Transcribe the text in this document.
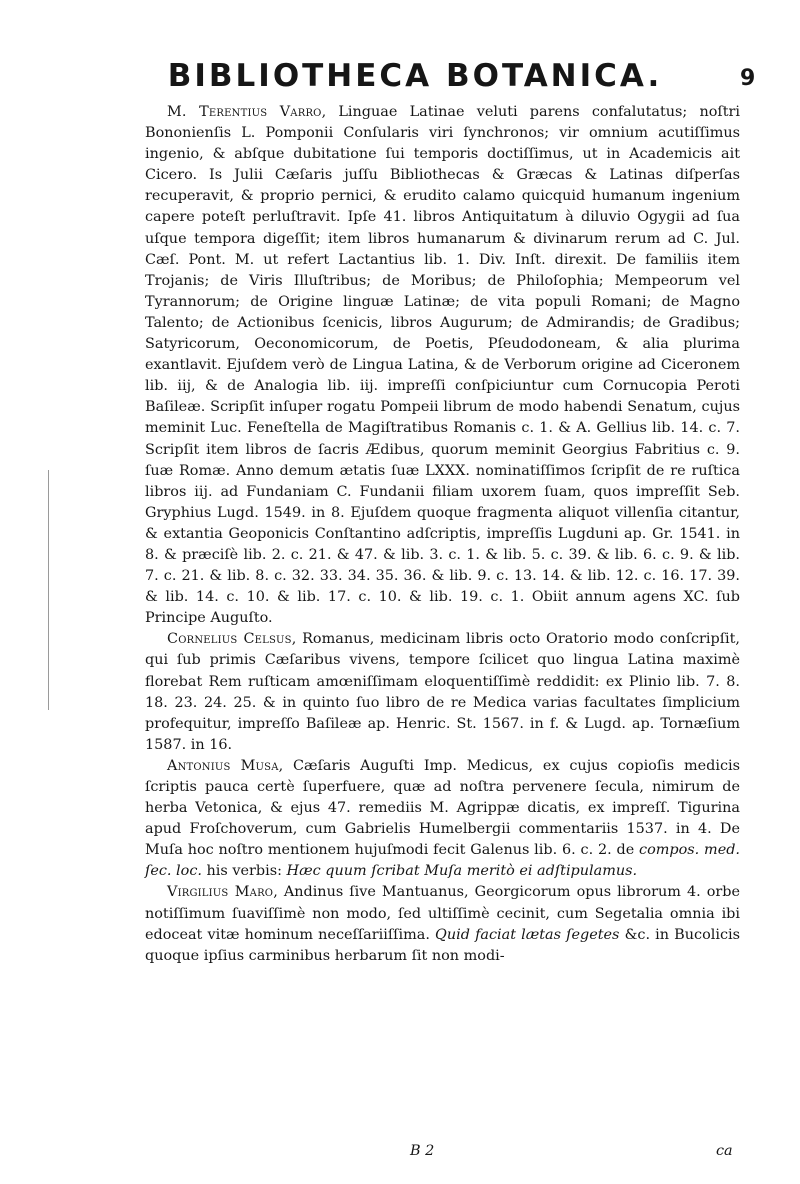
BIBLIOTHECA BOTANICA.	9

M. Terentius Varro, Linguae Latinae veluti parens confalutatus; noſtri Bononienſis L. Pomponii Conſularis viri ſynchronos; vir omnium acutiſſimus ingenio, & abſque dubitatione ſui temporis doctiſſimus, ut in Academicis ait Cicero. Is Julii Cæſaris juſſu Bibliothecas & Græcas & Latinas diſperſas recuperavit, & proprio pernici, & erudito calamo quicquid humanum ingenium capere poteſt perluſtravit. Ipſe 41. libros Antiquitatum à diluvio Ogygii ad ſua uſque tempora digeſſit; item libros humanarum & divinarum rerum ad C. Jul. Cæſ. Pont. M. ut refert Lactantius lib. 1. Div. Inſt. direxit. De familiis item Trojanis; de Viris Illuſtribus; de Moribus; de Philoſophia; Mempeorum vel Tyrannorum; de Origine linguæ Latinæ; de vita populi Romani; de Magno Talento; de Actionibus ſcenicis, libros Augurum; de Admirandis; de Gradibus; Satyricorum, Oeconomicorum, de Poetis, Pſeudodoneam, & alia plurima exantlavit. Ejuſdem verò de Lingua Latina, & de Verborum origine ad Ciceronem lib. iij, & de Analogia lib. iij. impreſſi conſpiciuntur cum Cornucopia Peroti Baſileæ. Scripſit inſuper rogatu Pompeii librum de modo habendi Senatum, cujus meminit Luc. Feneſtella de Magiſtratibus Romanis c. 1. & A. Gellius lib. 14. c. 7. Scripſit item libros de ſacris Ædibus, quorum meminit Georgius Fabritius c. 9. ſuæ Romæ. Anno demum ætatis ſuæ LXXX. nominatiſſimos ſcripſit de re ruſtica libros iij. ad Fundaniam C. Fundanii filiam uxorem ſuam, quos impreſſit Seb. Gryphius Lugd. 1549. in 8. Ejuſdem quoque fragmenta aliquot villenſia citantur, & extantia Geoponicis Conſtantino adſcriptis, impreſſis Lugduni ap. Gr. 1541. in 8. & præciſè lib. 2. c. 21. & 47. & lib. 3. c. 1. & lib. 5. c. 39. & lib. 6. c. 9. & lib. 7. c. 21. & lib. 8. c. 32. 33. 34. 35. 36. & lib. 9. c. 13. 14. & lib. 12. c. 16. 17. 39. & lib. 14. c. 10. & lib. 17. c. 10. & lib. 19. c. 1. Obiit annum agens XC. ſub Principe Auguſto.

Cornelius Celsus, Romanus, medicinam libris octo Oratorio modo conſcripſit, qui ſub primis Cæſaribus vivens, tempore ſcilicet quo lingua Latina maximè florebat Rem ruſticam amœniſſimam eloquentiſſimè reddidit: ex Plinio lib. 7. 8. 18. 23. 24. 25. & in quinto ſuo libro de re Medica varias facultates ſimplicium profequitur, impreſſo Baſileæ ap. Henric. St. 1567. in f. & Lugd. ap. Tornæſium 1587. in 16.

Antonius Musa, Cæſaris Auguſti Imp. Medicus, ex cujus copioſis medicis ſcriptis pauca certè ſuperfuere, quæ ad noſtra pervenere ſecula, nimirum de herba Vetonica, & ejus 47. remediis M. Agrippæ dicatis, ex impreſſ. Tigurina apud Froſchoverum, cum Gabrielis Humelbergii commentariis 1537. in 4. De Muſa hoc noſtro mentionem hujuſmodi fecit Galenus lib. 6. c. 2. de compos. med. ſec. loc. his verbis: Hæc quum ſcribat Muſa meritò ei adſtipulamus.

Virgilius Maro, Andinus ſive Mantuanus, Georgicorum opus librorum 4. orbe notiſſimum ſuaviſſimè non modo, ſed ultiſſimè cecinit, cum Segetalia omnia ibi edoceat vitæ hominum neceſſariiſſima. Quid faciat lætas ſegetes &c. in Bucolicis quoque ipſius carminibus herbarum ſit non modi-

B 2	ca
